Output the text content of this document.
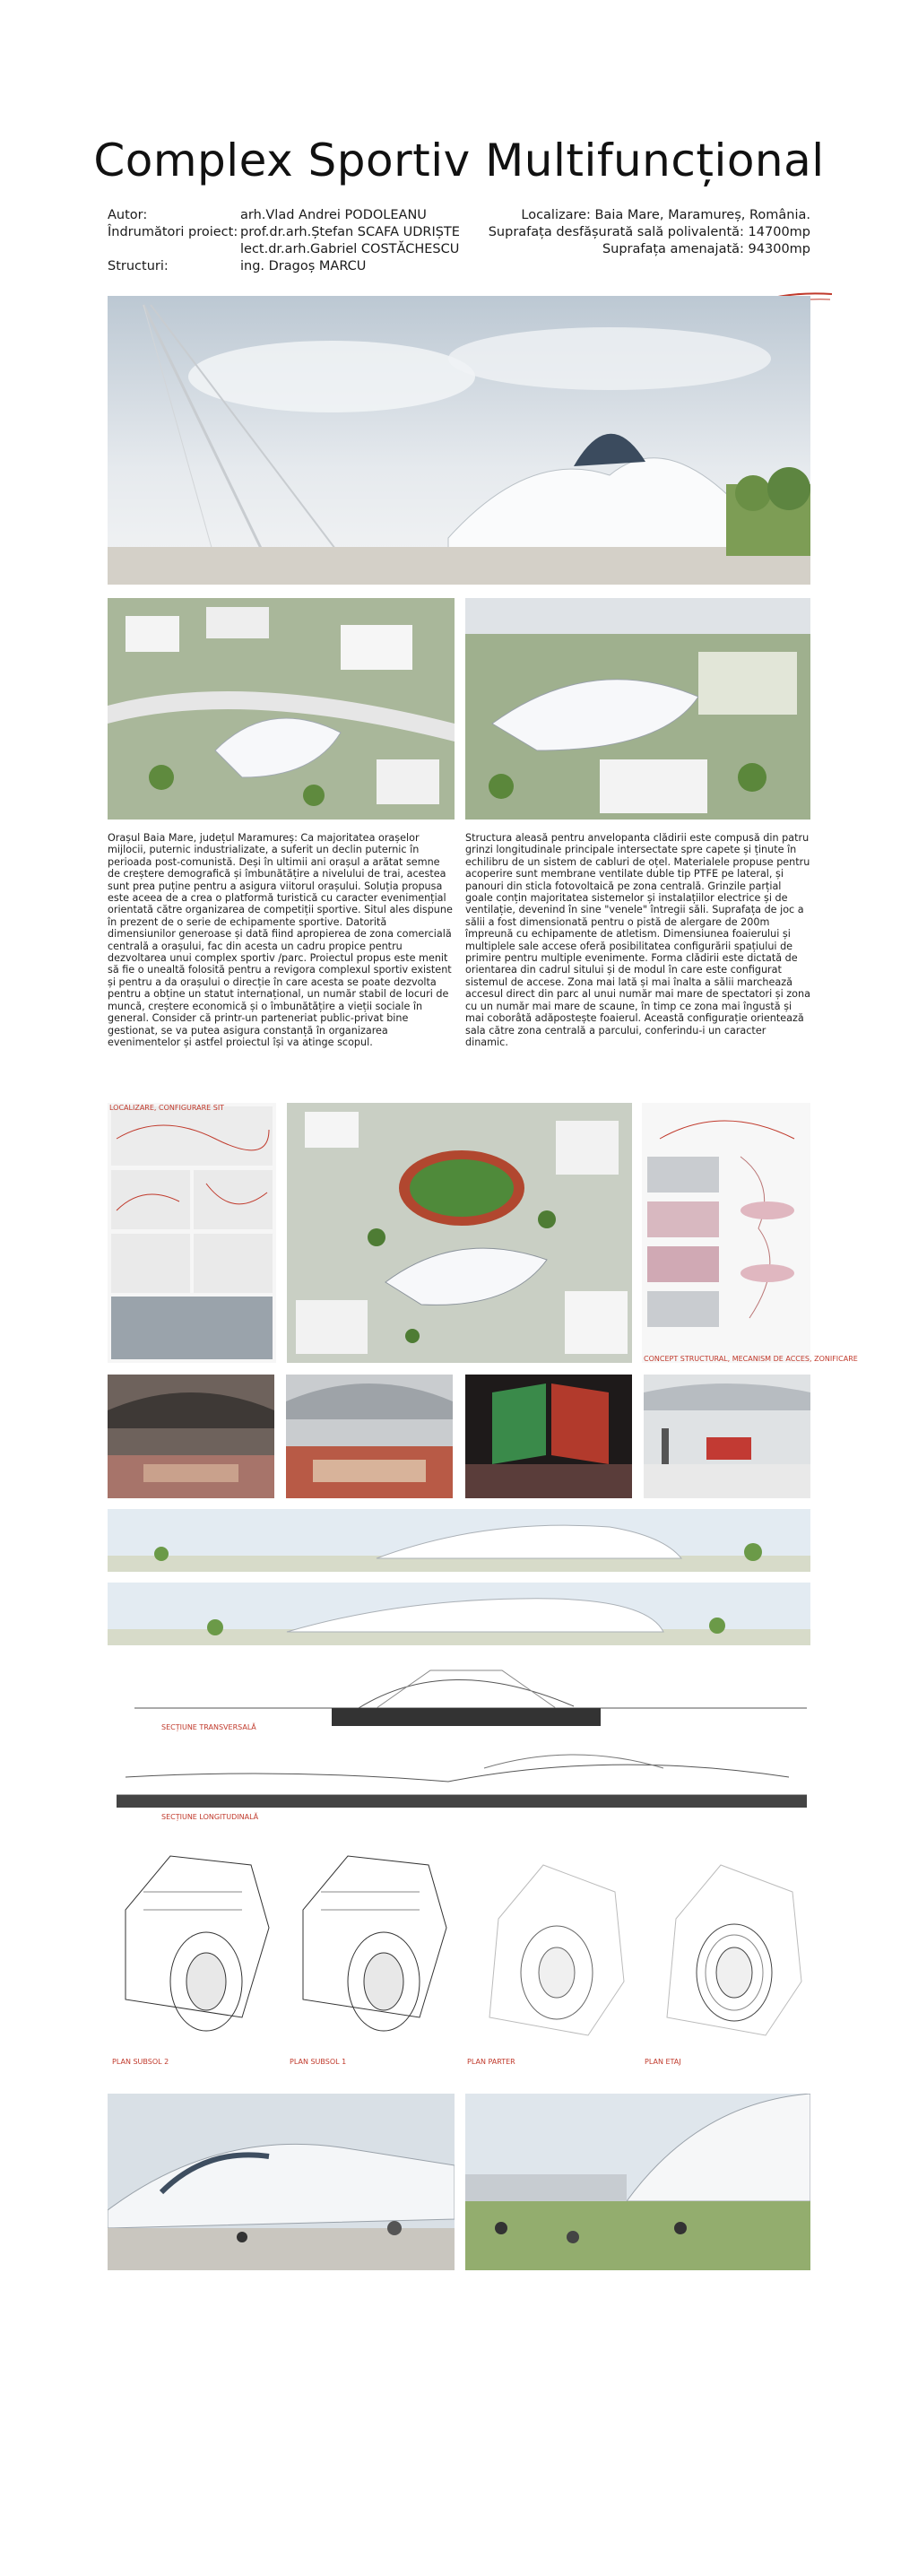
Complex Sportiv Multifuncțional
Autor:	arh.Vlad Andrei PODOLEANU
Îndrumători proiect: prof.dr.arh.Ștefan SCAFA UDRIȘTE
lect.dr.arh.Gabriel COSTĂCHESCU
Structuri:	ing. Dragoș MARCU
Localizare: Baia Mare, Maramureș, România.
Suprafața desfășurată sală polivalentă: 14700mp
Suprafața amenajată: 94300mp

Orașul Baia Mare, județul Maramureș: Ca majoritatea orașelor mijlocii, puternic industrializate, a suferit un declin puternic în perioada post-comunistă. Deși în ultimii ani orașul a arătat semne de creștere demografică și îmbunătățire a nivelului de trai, acestea sunt prea puține pentru a asigura viitorul orașului. Soluția propusa este aceea de a crea o platformă turistică cu caracter evenimențial orientată către organizarea de competiții sportive. Situl ales dispune în prezent de o serie de echipamente sportive. Datorită dimensiunilor generoase și dată fiind apropierea de zona comercială centrală a orașului, fac din acesta un cadru propice pentru dezvoltarea unui complex sportiv /parc. Proiectul propus este menit să fie o unealtă folosită pentru a revigora complexul sportiv existent și pentru a da orașului o direcție în care acesta se poate dezvolta pentru a obține un statut internațional, un număr stabil de locuri de muncă, creștere economică și o îmbunătățire a vieții sociale în general. Consider că printr-un parteneriat public-privat bine gestionat, se va putea asigura constanță în organizarea evenimentelor și astfel proiectul își va atinge scopul.

Structura aleasă pentru anvelopanta clădirii este compusă din patru grinzi longitudinale principale intersectate spre capete și ținute în echilibru de un sistem de cabluri de oțel. Materialele propuse pentru acoperire sunt membrane ventilate duble tip PTFE pe lateral, și panouri din sticla fotovoltaică pe zona centrală. Grinzile parțial goale conțin majoritatea sistemelor și instalațiilor electrice și de ventilație, devenind în sine "venele" întregii săli. Suprafața de joc a sălii a fost dimensionată pentru o pistă de alergare de 200m împreună cu echipamente de atletism. Dimensiunea foaierului și multiplele sale accese oferă posibilitatea configurării spațiului de primire pentru multiple evenimente. Forma clădirii este dictată de orientarea din cadrul sitului și de modul în care este configurat sistemul de accese. Zona mai lată și mai înalta a sălii marchează accesul direct din parc al unui număr mai mare de spectatori și zona cu un număr mai mare de scaune, în timp ce zona mai îngustă și mai coborâtă adăpostește foaierul. Această configurație orientează sala către zona centrală a parcului, conferindu-i un caracter dinamic.

LOCALIZARE, CONFIGURARE SIT
CONCEPT STRUCTURAL, MECANISM DE ACCES, ZONIFICARE
SECȚIUNE TRANSVERSALĂ
SECȚIUNE LONGITUDINALĂ
PLAN SUBSOL 2	PLAN SUBSOL 1	PLAN PARTER	PLAN ETAJ
